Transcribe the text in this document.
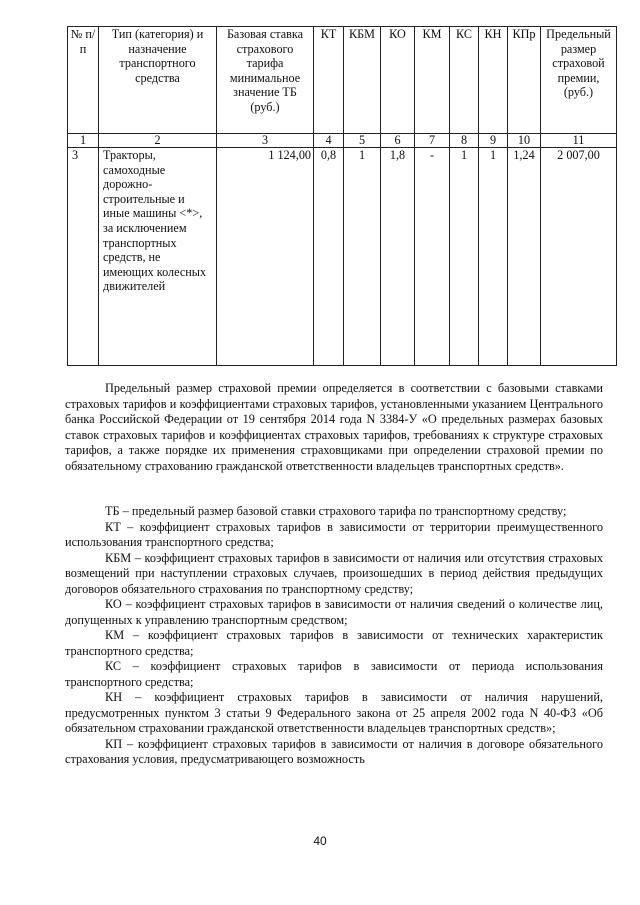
№ п/п	Тип (категория) и назначение транспортного средства	Базовая ставка страхового тарифа минимальное значение ТБ (руб.)	КТ	КБМ	КО	КМ	КС	КН	КПр	Предельный размер страховой премии, (руб.)
1	2	3	4	5	6	7	8	9	10	11
3	Тракторы, самоходные дорожно-строительные и иные машины <*>, за исключением транспортных средств, не имеющих колесных движителей	1 124,00	0,8	1	1,8	-	1	1	1,24	2 007,00

Предельный размер страховой премии определяется в соответствии с базовыми ставками страховых тарифов и коэффициентами страховых тарифов, установленными указанием Центрального банка Российской Федерации от 19 сентября 2014 года N 3384-У «О предельных размерах базовых ставок страховых тарифов и коэффициентах страховых тарифов, требованиях к структуре страховых тарифов, а также порядке их применения страховщиками при определении страховой премии по обязательному страхованию гражданской ответственности владельцев транспортных средств».

ТБ – предельный размер базовой ставки страхового тарифа по транспортному средству;

КТ – коэффициент страховых тарифов в зависимости от территории преимущественного использования транспортного средства;

КБМ – коэффициент страховых тарифов в зависимости от наличия или отсутствия страховых возмещений при наступлении страховых случаев, произошедших в период действия предыдущих договоров обязательного страхования по транспортному средству;

КО – коэффициент страховых тарифов в зависимости от наличия сведений о количестве лиц, допущенных к управлению транспортным средством;

КМ – коэффициент страховых тарифов в зависимости от технических характеристик транспортного средства;

КС – коэффициент страховых тарифов в зависимости от периода использования транспортного средства;

КН – коэффициент страховых тарифов в зависимости от наличия нарушений, предусмотренных пунктом 3 статьи 9 Федерального закона от 25 апреля 2002 года N 40-ФЗ «Об обязательном страховании гражданской ответственности владельцев транспортных средств»;

КП – коэффициент страховых тарифов в зависимости от наличия в договоре обязательного страхования условия, предусматривающего возможность

40
